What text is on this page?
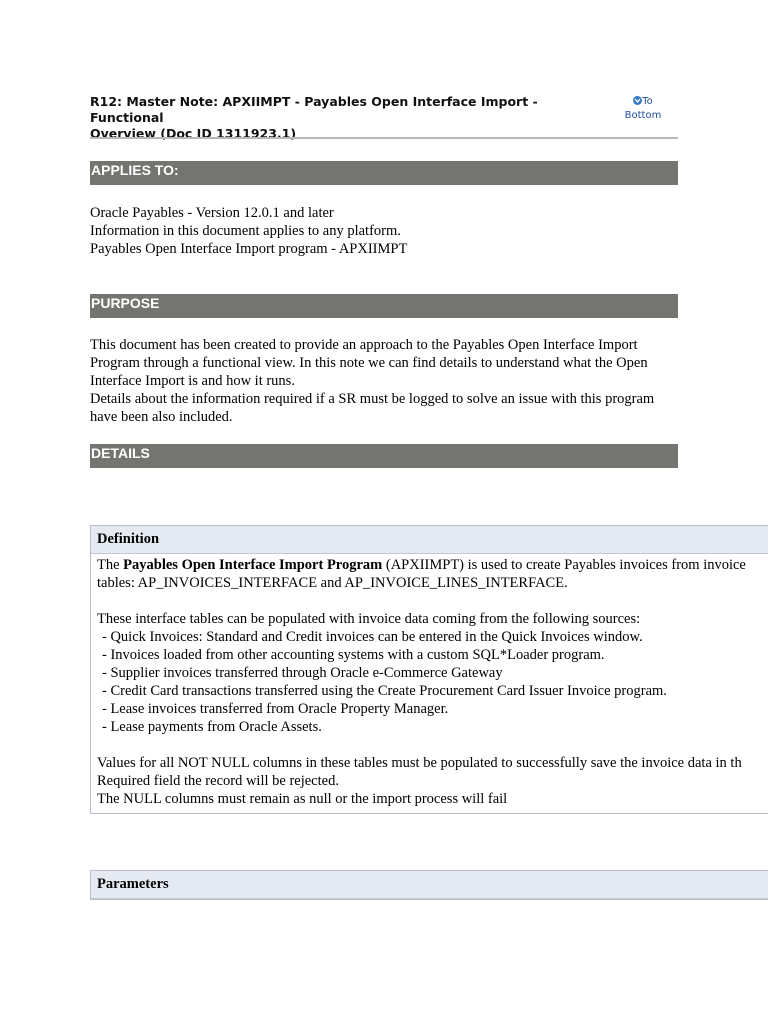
R12: Master Note: APXIIMPT - Payables Open Interface Import - Functional
Overview (Doc ID 1311923.1)
To
Bottom
APPLIES TO:
Oracle Payables - Version 12.0.1 and later
Information in this document applies to any platform.
Payables Open Interface Import program - APXIIMPT
PURPOSE
This document has been created to provide an approach to the Payables Open Interface Import
Program through a functional view. In this note we can find details to understand what the Open
Interface Import is and how it runs.
Details about the information required if a SR must be logged to solve an issue with this program
have been also included.
DETAILS
Definition
The Payables Open Interface Import Program (APXIIMPT) is used to create Payables invoices from invoice
tables: AP_INVOICES_INTERFACE and AP_INVOICE_LINES_INTERFACE.
These interface tables can be populated with invoice data coming from the following sources:
- Quick Invoices: Standard and Credit invoices can be entered in the Quick Invoices window.
- Invoices loaded from other accounting systems with a custom SQL*Loader program.
- Supplier invoices transferred through Oracle e-Commerce Gateway
- Credit Card transactions transferred using the Create Procurement Card Issuer Invoice program.
- Lease invoices transferred from Oracle Property Manager.
- Lease payments from Oracle Assets.
Values for all NOT NULL columns in these tables must be populated to successfully save the invoice data in th
Required field the record will be rejected.
The NULL columns must remain as null or the import process will fail
Parameters
